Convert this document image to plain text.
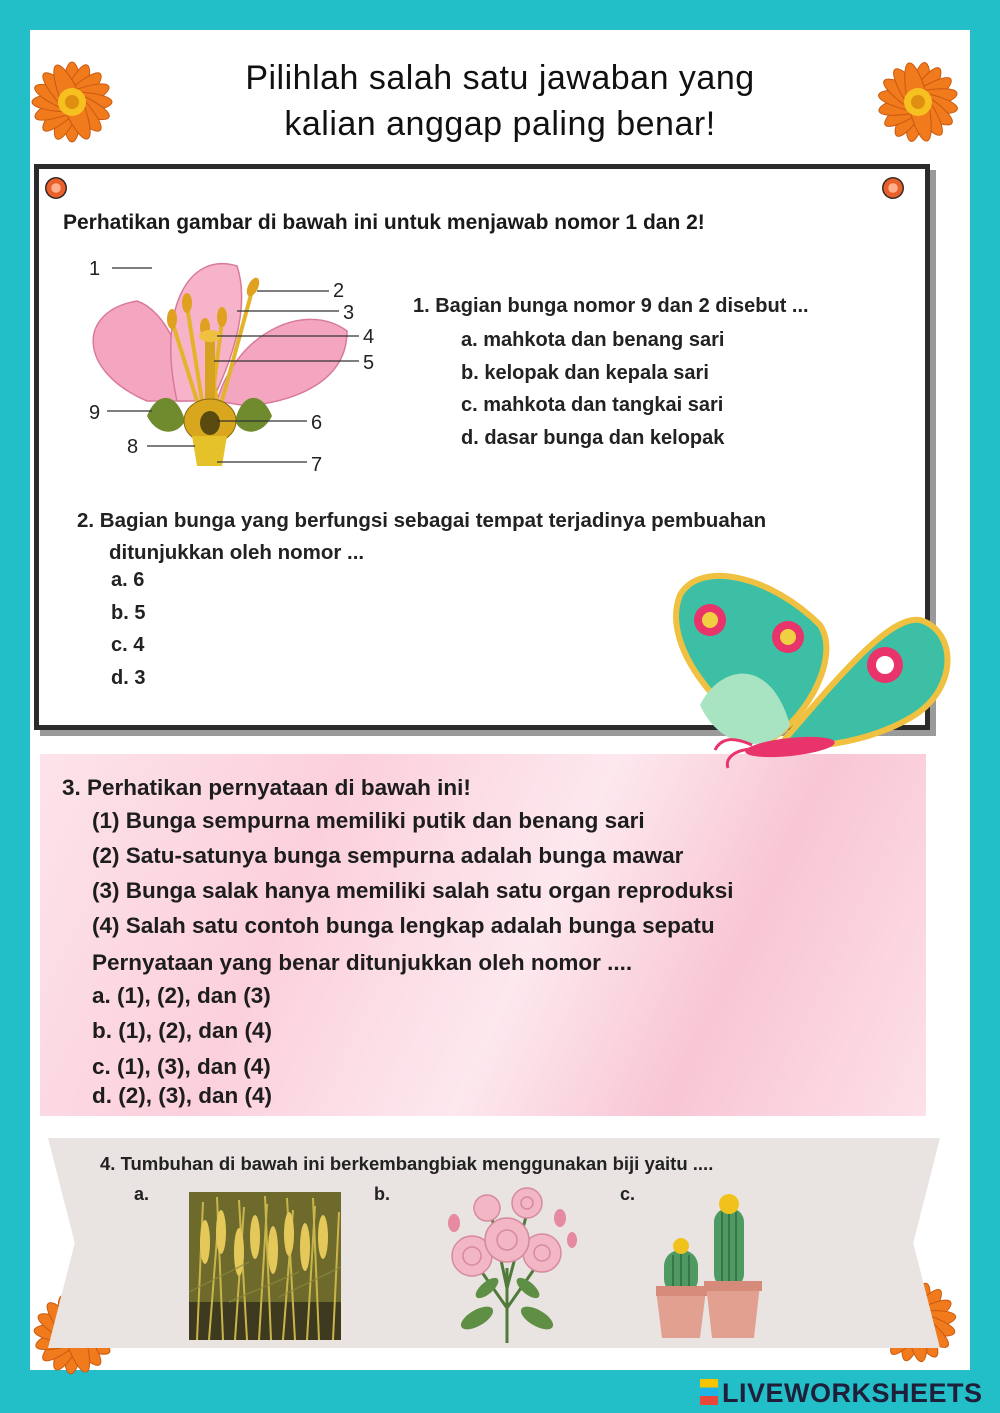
Pilihlah salah satu jawaban yang
kalian anggap paling benar!
Perhatikan gambar di bawah ini untuk menjawab nomor 1 dan 2!
1
2
3
4
5
6
7
8
9
1. Bagian bunga nomor 9 dan 2 disebut ...
a. mahkota dan benang sari
b. kelopak dan kepala sari
c. mahkota dan tangkai sari
d. dasar bunga dan kelopak
2. Bagian bunga yang berfungsi sebagai tempat terjadinya pembuahan
ditunjukkan oleh nomor ...
a. 6
b. 5
c. 4
d. 3
3. Perhatikan pernyataan di bawah ini!
(1) Bunga sempurna memiliki putik dan benang sari
(2) Satu-satunya bunga sempurna adalah bunga mawar
(3) Bunga salak hanya memiliki salah satu organ reproduksi
(4) Salah satu contoh bunga lengkap adalah bunga sepatu
Pernyataan yang benar ditunjukkan oleh nomor ....
a. (1), (2), dan (3)
b. (1), (2), dan (4)
c. (1), (3), dan (4)
d. (2), (3), dan (4)
4. Tumbuhan di bawah ini berkembangbiak menggunakan biji yaitu ....
a.	b.	c.
LIVEWORKSHEETS
